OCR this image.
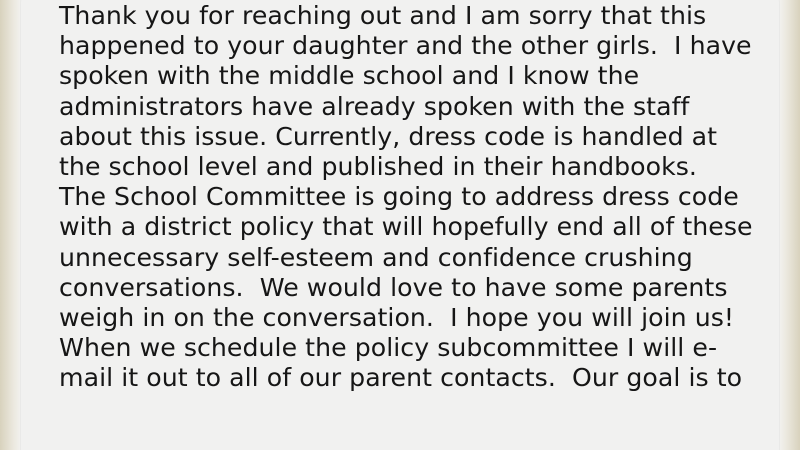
Thank you for reaching out and I am sorry that this
happened to your daughter and the other girls.  I have
spoken with the middle school and I know the
administrators have already spoken with the staff
about this issue. Currently, dress code is handled at
the school level and published in their handbooks.
The School Committee is going to address dress code
with a district policy that will hopefully end all of these
unnecessary self-esteem and confidence crushing
conversations.  We would love to have some parents
weigh in on the conversation.  I hope you will join us!
When we schedule the policy subcommittee I will e-
mail it out to all of our parent contacts.  Our goal is to
